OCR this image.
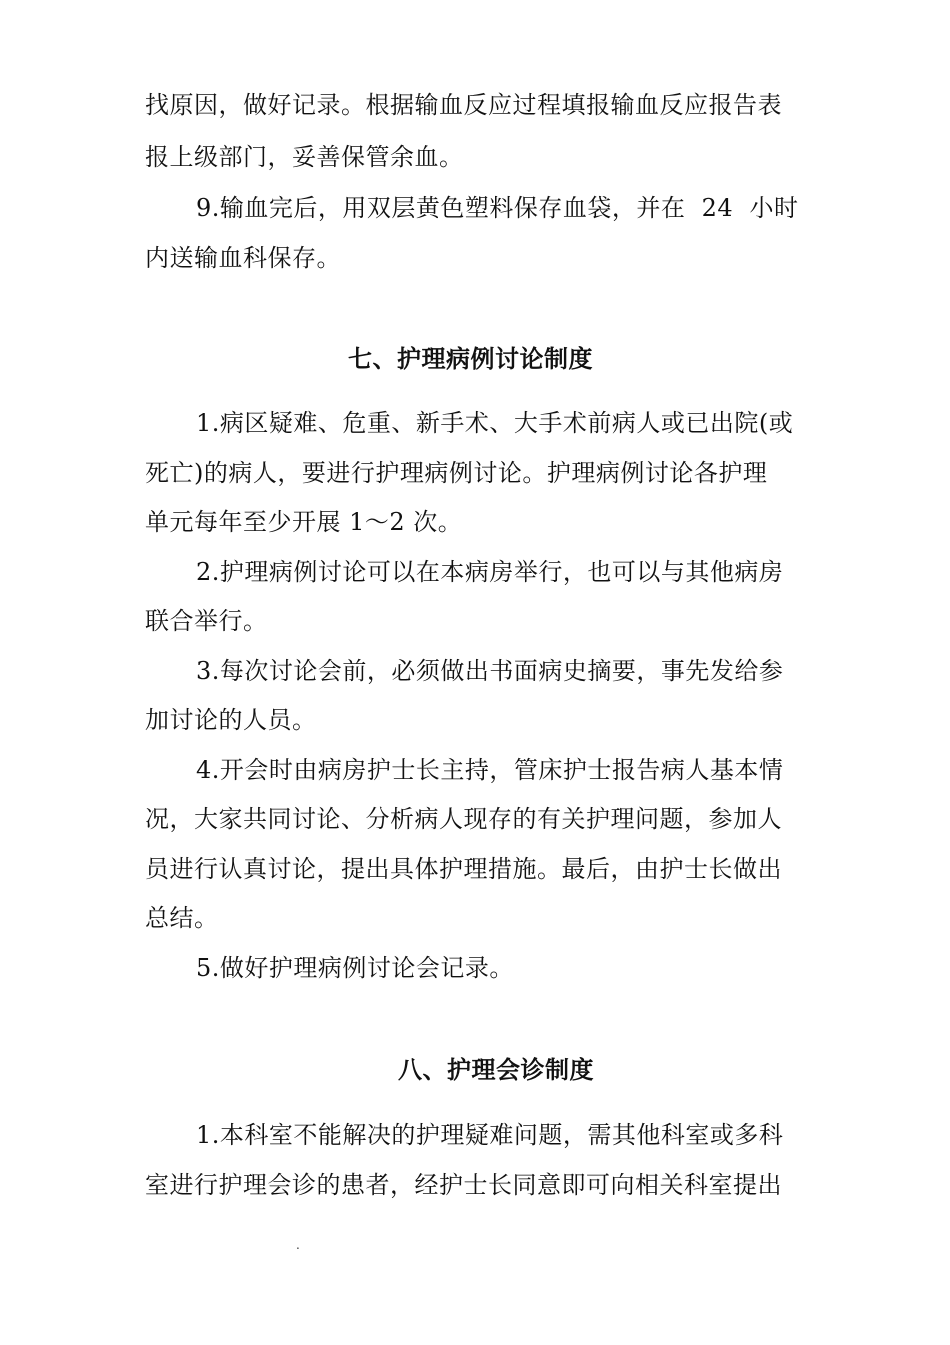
找原因，做好记录。根据输血反应过程填报输血反应报告表
报上级部门，妥善保管余血。
9.输血完后，用双层黄色塑料保存血袋，并在  24  小时
内送输血科保存。
七、护理病例讨论制度
1.病区疑难、危重、新手术、大手术前病人或已出院(或
死亡)的病人，要进行护理病例讨论。护理病例讨论各护理
单元每年至少开展 1～2 次。
2.护理病例讨论可以在本病房举行，也可以与其他病房
联合举行。
3.每次讨论会前，必须做出书面病史摘要，事先发给参
加讨论的人员。
4.开会时由病房护士长主持，管床护士报告病人基本情
况，大家共同讨论、分析病人现存的有关护理问题，参加人
员进行认真讨论，提出具体护理措施。最后，由护士长做出
总结。
5.做好护理病例讨论会记录。
八、护理会诊制度
1.本科室不能解决的护理疑难问题，需其他科室或多科
室进行护理会诊的患者，经护士长同意即可向相关科室提出
.
